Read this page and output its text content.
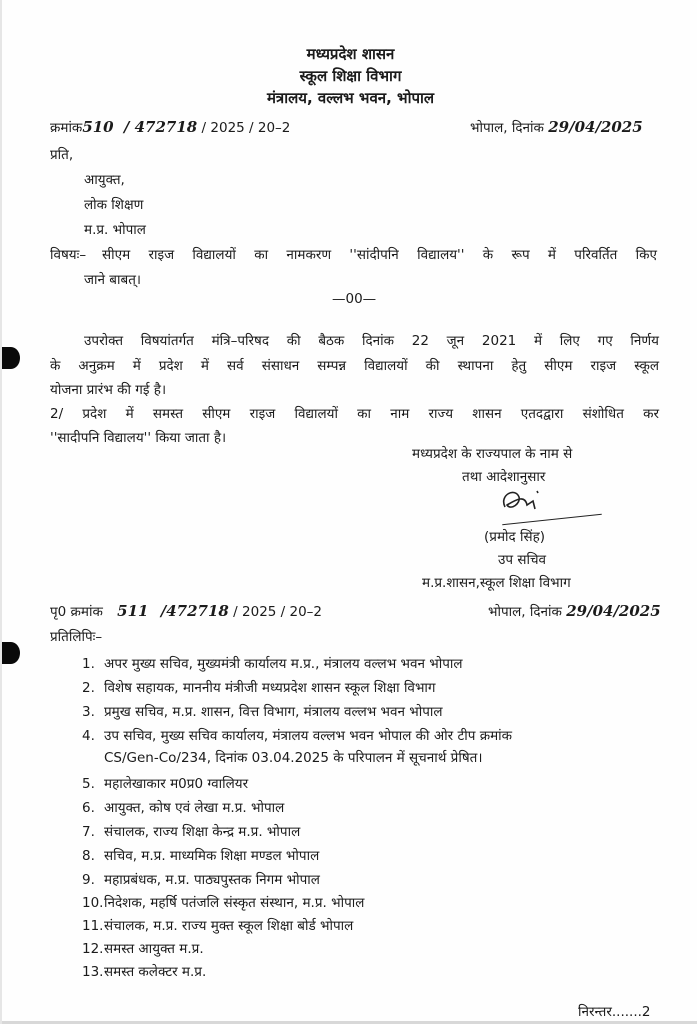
मध्यप्रदेश शासन
स्कूल शिक्षा विभाग
मंत्रालय, वल्लभ भवन, भोपाल
क्रमांक510 / 472718 / 2025 / 20–2	भोपाल, दिनांक 29/04/2025
प्रति,
आयुक्त,
लोक शिक्षण
म.प्र. भोपाल
विषयः– सीएम राइज विद्यालयों का नामकरण ''सांदीपनि विद्यालय'' के रूप में परिवर्तित किए
जाने बाबत्।
—00—
उपरोक्त विषयांतर्गत मंत्रि–परिषद की बैठक दिनांक 22 जून 2021 में लिए गए निर्णय
के अनुक्रम में प्रदेश में सर्व संसाधन सम्पन्न विद्यालयों की स्थापना हेतु सीएम राइज स्कूल
योजना प्रारंभ की गई है।
2/ प्रदेश में समस्त सीएम राइज विद्यालयों का नाम राज्य शासन एतदद्वारा संशोधित कर
''सादीपनि विद्यालय'' किया जाता है।
मध्यप्रदेश के राज्यपाल के नाम से
तथा आदेशानुसार
(प्रमोद सिंह)
उप सचिव
म.प्र.शासन,स्कूल शिक्षा विभाग
पृ0 क्रमांक 511 /472718 / 2025 / 20–2	भोपाल, दिनांक 29/04/2025
प्रतिलिपिः–
1. अपर मुख्य सचिव, मुख्यमंत्री कार्यालय म.प्र., मंत्रालय वल्लभ भवन भोपाल
2. विशेष सहायक, माननीय मंत्रीजी मध्यप्रदेश शासन स्कूल शिक्षा विभाग
3. प्रमुख सचिव, म.प्र. शासन, वित्त विभाग, मंत्रालय वल्लभ भवन भोपाल
4. उप सचिव, मुख्य सचिव कार्यालय, मंत्रालय वल्लभ भवन भोपाल की ओर टीप क्रमांक
CS/Gen-Co/234, दिनांक 03.04.2025 के परिपालन में सूचनार्थ प्रेषित।
5. महालेखाकार म0प्र0 ग्वालियर
6. आयुक्त, कोष एवं लेखा म.प्र. भोपाल
7. संचालक, राज्य शिक्षा केन्द्र म.प्र. भोपाल
8. सचिव, म.प्र. माध्यमिक शिक्षा मण्डल भोपाल
9. महाप्रबंधक, म.प्र. पाठ्यपुस्तक निगम भोपाल
10.निदेशक, महर्षि पतंजलि संस्कृत संस्थान, म.प्र. भोपाल
11.संचालक, म.प्र. राज्य मुक्त स्कूल शिक्षा बोर्ड भोपाल
12.समस्त आयुक्त म.प्र.
13.समस्त कलेक्टर म.प्र.
निरन्तर.......2
